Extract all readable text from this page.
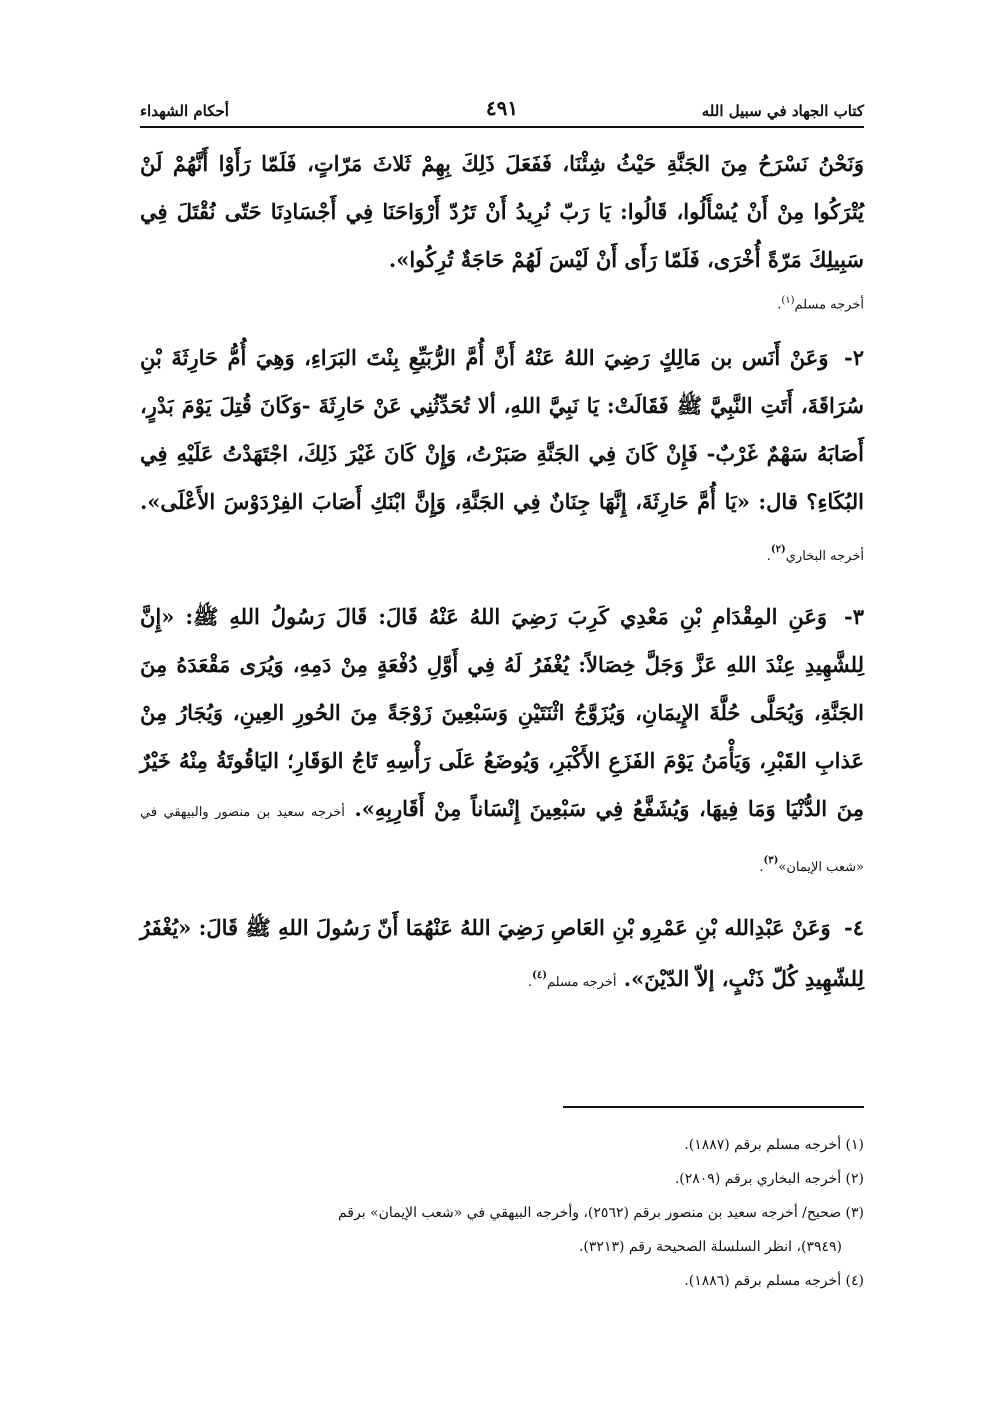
كتاب الجهاد في سبيل الله
٤٩١
أحكام الشهداء

وَنَحْنُ نَسْرَحُ مِنَ الجَنَّةِ حَيْثُ شِئْنَا، فَفَعَلَ ذَلِكَ بِهِمْ ثَلاثَ مَرّاتٍ، فَلَمّا رَأَوْا أَنَّهُمْ لَنْ يُتْرَكُوا مِنْ أَنْ يُسْأَلُوا، قَالُوا: يَا رَبّ نُرِيدُ أَنْ تَرُدّ أَرْوَاحَنَا فِي أَجْسَادِنَا حَتّى نُقْتَلَ فِي سَبِيلِكَ مَرّةً أُخْرَى، فَلَمّا رَأَى أَنْ لَيْسَ لَهُمْ حَاجَةٌ تُرِكُوا».

أخرجه مسلم$^{(١)}$.

٢- وَعَنْ أَنَس بن مَالِكٍ رَضِيَ اللهُ عَنْهُ أَنَّ أُمَّ الرُّبَيِّعِ بِنْتَ البَرَاءِ، وَهِيَ أُمُّ حَارِثَةَ بْنِ سُرَاقَةَ، أَتَتِ النَّبِيَّ ﷺ فَقَالَتْ: يَا نَبِيَّ اللهِ، ألا تُحَدِّثُنِي عَنْ حَارِثَةَ -وَكَانَ قُتِلَ يَوْمَ بَدْرٍ، أَصَابَهُ سَهْمٌ غَرْبٌ- فَإِنْ كَانَ فِي الجَنَّةِ صَبَرْتُ، وَإِنْ كَانَ غَيْرَ ذَلِكَ، اجْتَهَدْتُ عَلَيْهِ فِي البُكَاءِ؟ قال: «يَا أُمَّ حَارِثَةَ، إِنَّهَا جِنَانٌ فِي الجَنَّةِ، وَإِنَّ ابْنَكِ أَصَابَ الفِرْدَوْسَ الأَعْلَى». أخرجه البخاري$^{(٢)}$.

٣- وَعَنِ المِقْدَامِ بْنِ مَعْدِي كَرِبَ رَضِيَ اللهُ عَنْهُ قَالَ: قَالَ رَسُولُ اللهِ ﷺ: «إِنَّ لِلشَّهِيدِ عِنْدَ اللهِ عَزَّ وَجَلَّ خِصَالاً: يُغْفَرُ لَهُ فِي أَوَّلِ دُفْعَةٍ مِنْ دَمِهِ، وَيُرَى مَقْعَدَهُ مِنَ الجَنَّةِ، وَيُحَلَّى حُلَّةَ الإِيمَانِ، وَيُزَوَّجُ اثْنَتَيْنِ وَسَبْعِينَ زَوْجَةً مِنَ الحُورِ العِينِ، وَيُجَارُ مِنْ عَذابِ القَبْرِ، وَيَأْمَنُ يَوْمَ الفَزَعِ الأَكْبَرِ، وَيُوضَعُ عَلَى رَأْسِهِ تَاجُ الوَقَارِ؛ اليَاقُوتَةُ مِنْهُ خَيْرٌ مِنَ الدُّنْيَا وَمَا فِيهَا، وَيُشَفَّعُ فِي سَبْعِينَ إِنْسَاناً مِنْ أَقَارِبِهِ». أخرجه سعيد بن منصور والبيهقي في «شعب الإيمان»$^{(٣)}$.

٤- وَعَنْ عَبْدِالله بْنِ عَمْرِو بْنِ العَاصِ رَضِيَ اللهُ عَنْهُمَا أَنّ رَسُولَ اللهِ ﷺ قَالَ: «يُغْفَرُ لِلشّهِيدِ كُلّ ذَنْبٍ، إلاّ الدّيْنَ». أخرجه مسلم$^{(٤)}$.

(١) أخرجه مسلم برقم (١٨٨٧).

(٢) أخرجه البخاري برقم (٢٨٠٩).

(٣) صحيح/ أخرجه سعيد بن منصور برقم (٢٥٦٢)، وأخرجه البيهقي في «شعب الإيمان» برقم

(٣٩٤٩)، انظر السلسلة الصحيحة رقم (٣٢١٣).

(٤) أخرجه مسلم برقم (١٨٨٦).
